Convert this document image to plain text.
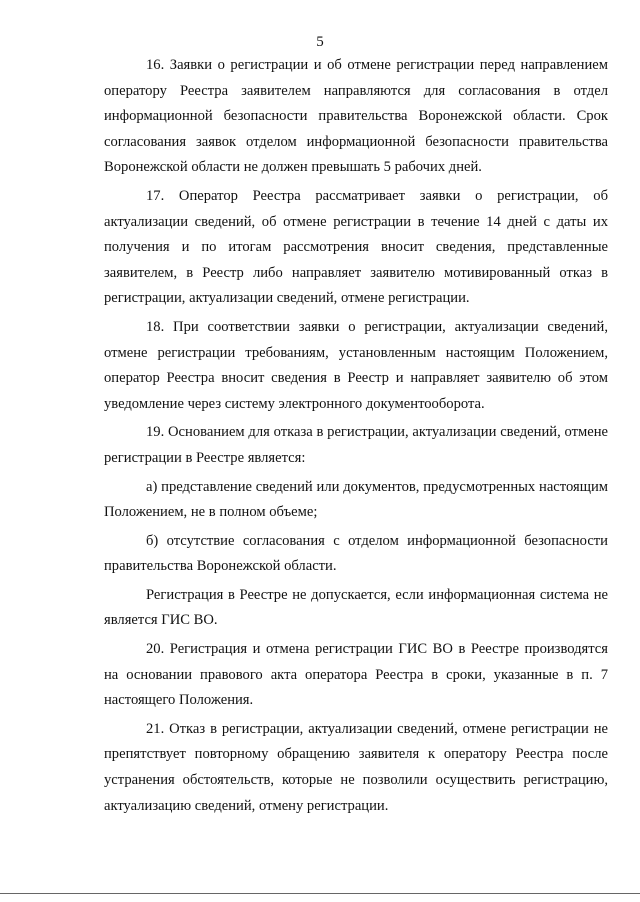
5

16. Заявки о регистрации и об отмене регистрации перед направлением оператору Реестра заявителем направляются для согласования в отдел информационной безопасности правительства Воронежской области. Срок согласования заявок отделом информационной безопасности правительства Воронежской области не должен превышать 5 рабочих дней.

17. Оператор Реестра рассматривает заявки о регистрации, об актуализации сведений, об отмене регистрации в течение 14 дней с даты их получения и по итогам рассмотрения вносит сведения, представленные заявителем, в Реестр либо направляет заявителю мотивированный отказ в регистрации, актуализации сведений, отмене регистрации.

18. При соответствии заявки о регистрации, актуализации сведений, отмене регистрации требованиям, установленным настоящим Положением, оператор Реестра вносит сведения в Реестр и направляет заявителю об этом уведомление через систему электронного документооборота.

19. Основанием для отказа в регистрации, актуализации сведений, отмене регистрации в Реестре является:

а) представление сведений или документов, предусмотренных настоящим Положением, не в полном объеме;

б) отсутствие согласования с отделом информационной безопасности правительства Воронежской области.

Регистрация в Реестре не допускается, если информационная система не является ГИС ВО.

20. Регистрация и отмена регистрации ГИС ВО в Реестре производятся на основании правового акта оператора Реестра в сроки, указанные в п. 7 настоящего Положения.

21. Отказ в регистрации, актуализации сведений, отмене регистрации не препятствует повторному обращению заявителя к оператору Реестра после устранения обстоятельств, которые не позволили осуществить регистрацию, актуализацию сведений, отмену регистрации.
